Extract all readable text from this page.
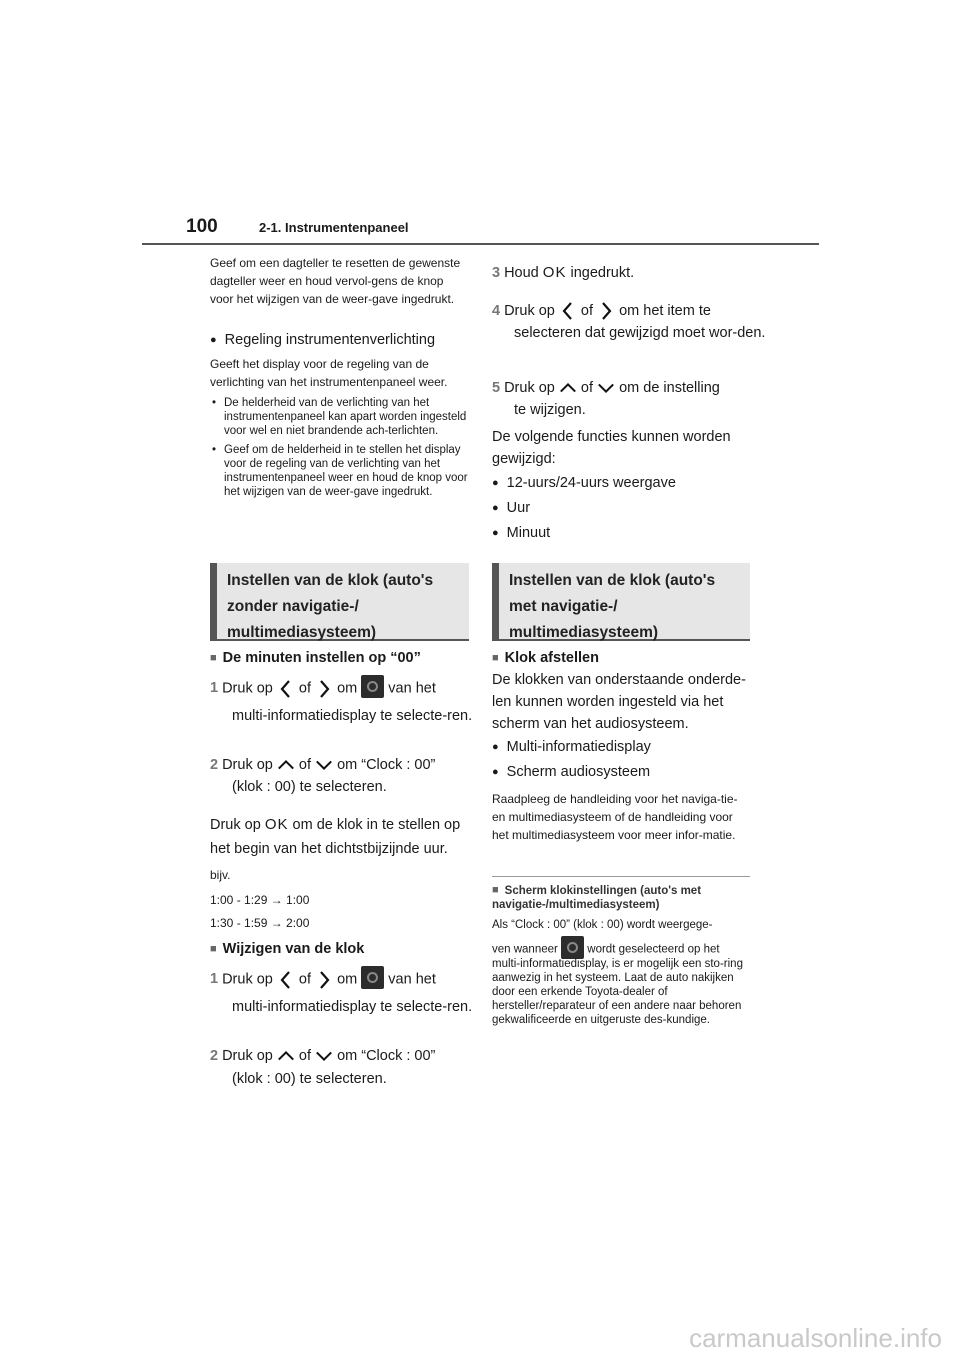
100	2-1. Instrumentenpaneel
Geef om een dagteller te resetten de gewenste dagteller weer en houd vervol-gens de knop voor het wijzigen van de weer-gave ingedrukt.
● Regeling instrumentenverlichting
Geeft het display voor de regeling van de verlichting van het instrumentenpaneel weer.
• De helderheid van de verlichting van het instrumentenpaneel kan apart worden ingesteld voor wel en niet brandende ach-terlichten.
• Geef om de helderheid in te stellen het display voor de regeling van de verlichting van het instrumentenpaneel weer en houd de knop voor het wijzigen van de weer-gave ingedrukt.
Instellen van de klok (auto's zonder navigatie-/ multimediasysteem)
■ De minuten instellen op “00”
1 Druk op of om van het
multi-informatiedisplay te selecte-ren.
2 Druk op of om “Clock : 00”
(klok : 00) te selecteren.
Druk op OK om de klok in te stellen op
het begin van het dichtstbijzijnde uur.
bijv.
1:00 - 1:29 → 1:00
1:30 - 1:59 → 2:00
■ Wijzigen van de klok
1 Druk op of om van het
multi-informatiedisplay te selecte-ren.
2 Druk op of om “Clock : 00”
(klok : 00) te selecteren.
3 Houd OK ingedrukt.
4 Druk op of om het item te
selecteren dat gewijzigd moet wor-den.
5 Druk op of om de instelling
te wijzigen.
De volgende functies kunnen worden gewijzigd:
● 12-uurs/24-uurs weergave
● Uur
● Minuut
Instellen van de klok (auto's met navigatie-/ multimediasysteem)
■ Klok afstellen
De klokken van onderstaande onderde-len kunnen worden ingesteld via het scherm van het audiosysteem.
● Multi-informatiedisplay
● Scherm audiosysteem
Raadpleeg de handleiding voor het naviga-tie- en multimediasysteem of de handleiding voor het multimediasysteem voor meer infor-matie.
■ Scherm klokinstellingen (auto's met navigatie-/multimediasysteem)
Als “Clock : 00” (klok : 00) wordt weergege-
ven wanneer	wordt geselecteerd op het
multi-informatiedisplay, is er mogelijk een sto-ring aanwezig in het systeem. Laat de auto nakijken door een erkende Toyota-dealer of hersteller/reparateur of een andere naar behoren gekwalificeerde en uitgeruste des-kundige.
carmanualsonline.info
